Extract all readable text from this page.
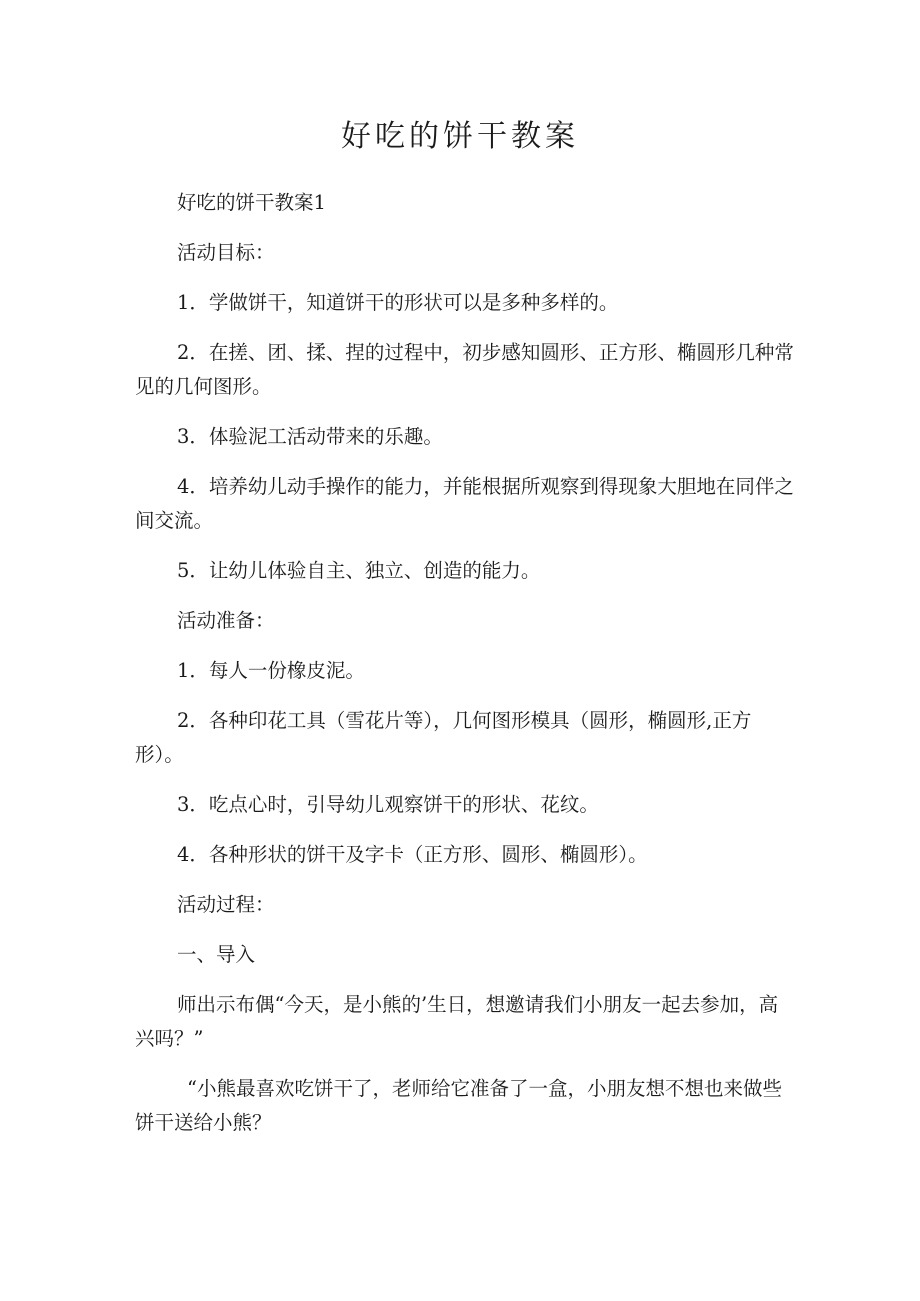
好吃的饼干教案

好吃的饼干教案1

活动目标：

1．学做饼干，知道饼干的形状可以是多种多样的。

2．在搓、团、揉、捏的过程中，初步感知圆形、正方形、椭圆形几种常见的几何图形。

3．体验泥工活动带来的乐趣。

4．培养幼儿动手操作的能力，并能根据所观察到得现象大胆地在同伴之间交流。

5．让幼儿体验自主、独立、创造的能力。

活动准备：

1．每人一份橡皮泥。

2．各种印花工具（雪花片等），几何图形模具（圆形，椭圆形,正方形）。

3．吃点心时，引导幼儿观察饼干的形状、花纹。

4．各种形状的饼干及字卡（正方形、圆形、椭圆形）。

活动过程：

一、导入

师出示布偶“今天，是小熊的’生日，想邀请我们小朋友一起去参加，高兴吗？”

“小熊最喜欢吃饼干了，老师给它准备了一盒，小朋友想不想也来做些饼干送给小熊？
